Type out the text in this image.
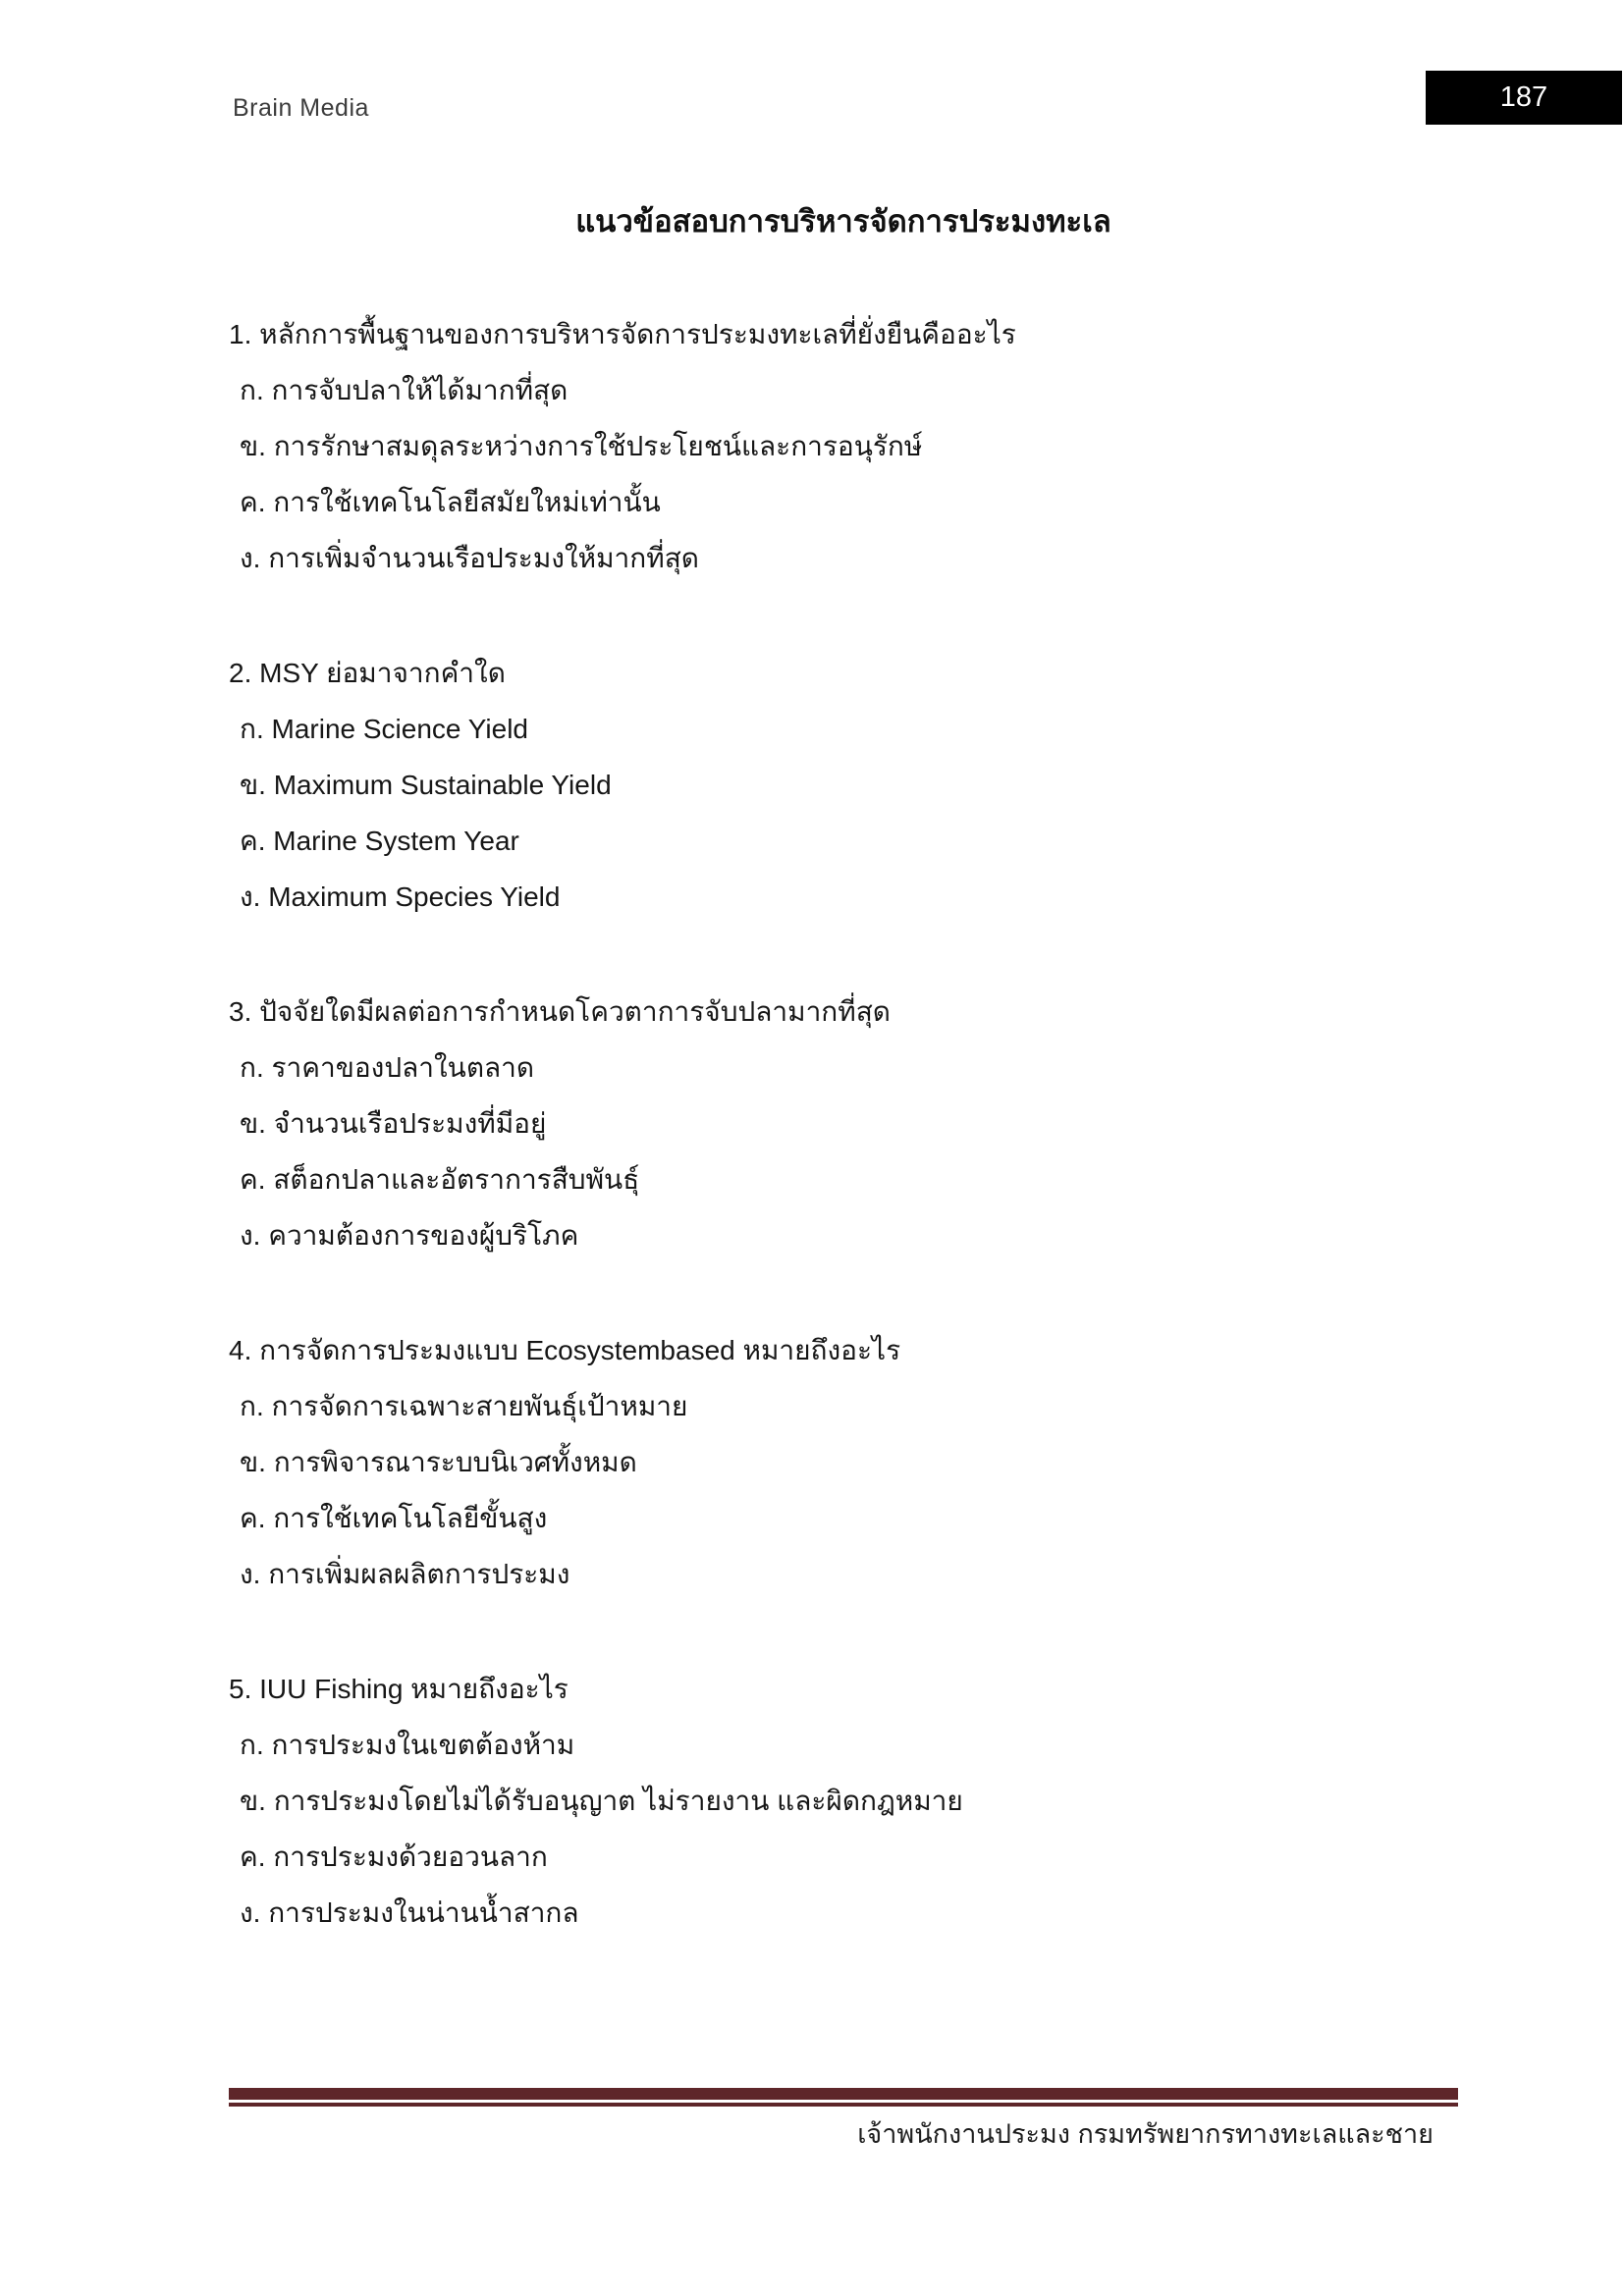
Brain Media	187
แนวข้อสอบการบริหารจัดการประมงทะเล
1. หลักการพื้นฐานของการบริหารจัดการประมงทะเลที่ยั่งยืนคืออะไร
ก. การจับปลาให้ได้มากที่สุด
ข. การรักษาสมดุลระหว่างการใช้ประโยชน์และการอนุรักษ์
ค. การใช้เทคโนโลยีสมัยใหม่เท่านั้น
ง. การเพิ่มจำนวนเรือประมงให้มากที่สุด
2. MSY ย่อมาจากคำใด
ก. Marine Science Yield
ข. Maximum Sustainable Yield
ค. Marine System Year
ง. Maximum Species Yield
3. ปัจจัยใดมีผลต่อการกำหนดโควตาการจับปลามากที่สุด
ก. ราคาของปลาในตลาด
ข. จำนวนเรือประมงที่มีอยู่
ค. สต็อกปลาและอัตราการสืบพันธุ์
ง. ความต้องการของผู้บริโภค
4. การจัดการประมงแบบ Ecosystembased หมายถึงอะไร
ก. การจัดการเฉพาะสายพันธุ์เป้าหมาย
ข. การพิจารณาระบบนิเวศทั้งหมด
ค. การใช้เทคโนโลยีขั้นสูง
ง. การเพิ่มผลผลิตการประมง
5. IUU Fishing หมายถึงอะไร
ก. การประมงในเขตต้องห้าม
ข. การประมงโดยไม่ได้รับอนุญาต ไม่รายงาน และผิดกฎหมาย
ค. การประมงด้วยอวนลาก
ง. การประมงในน่านน้ำสากล
เจ้าพนักงานประมง กรมทรัพยากรทางทะเลและชาย
